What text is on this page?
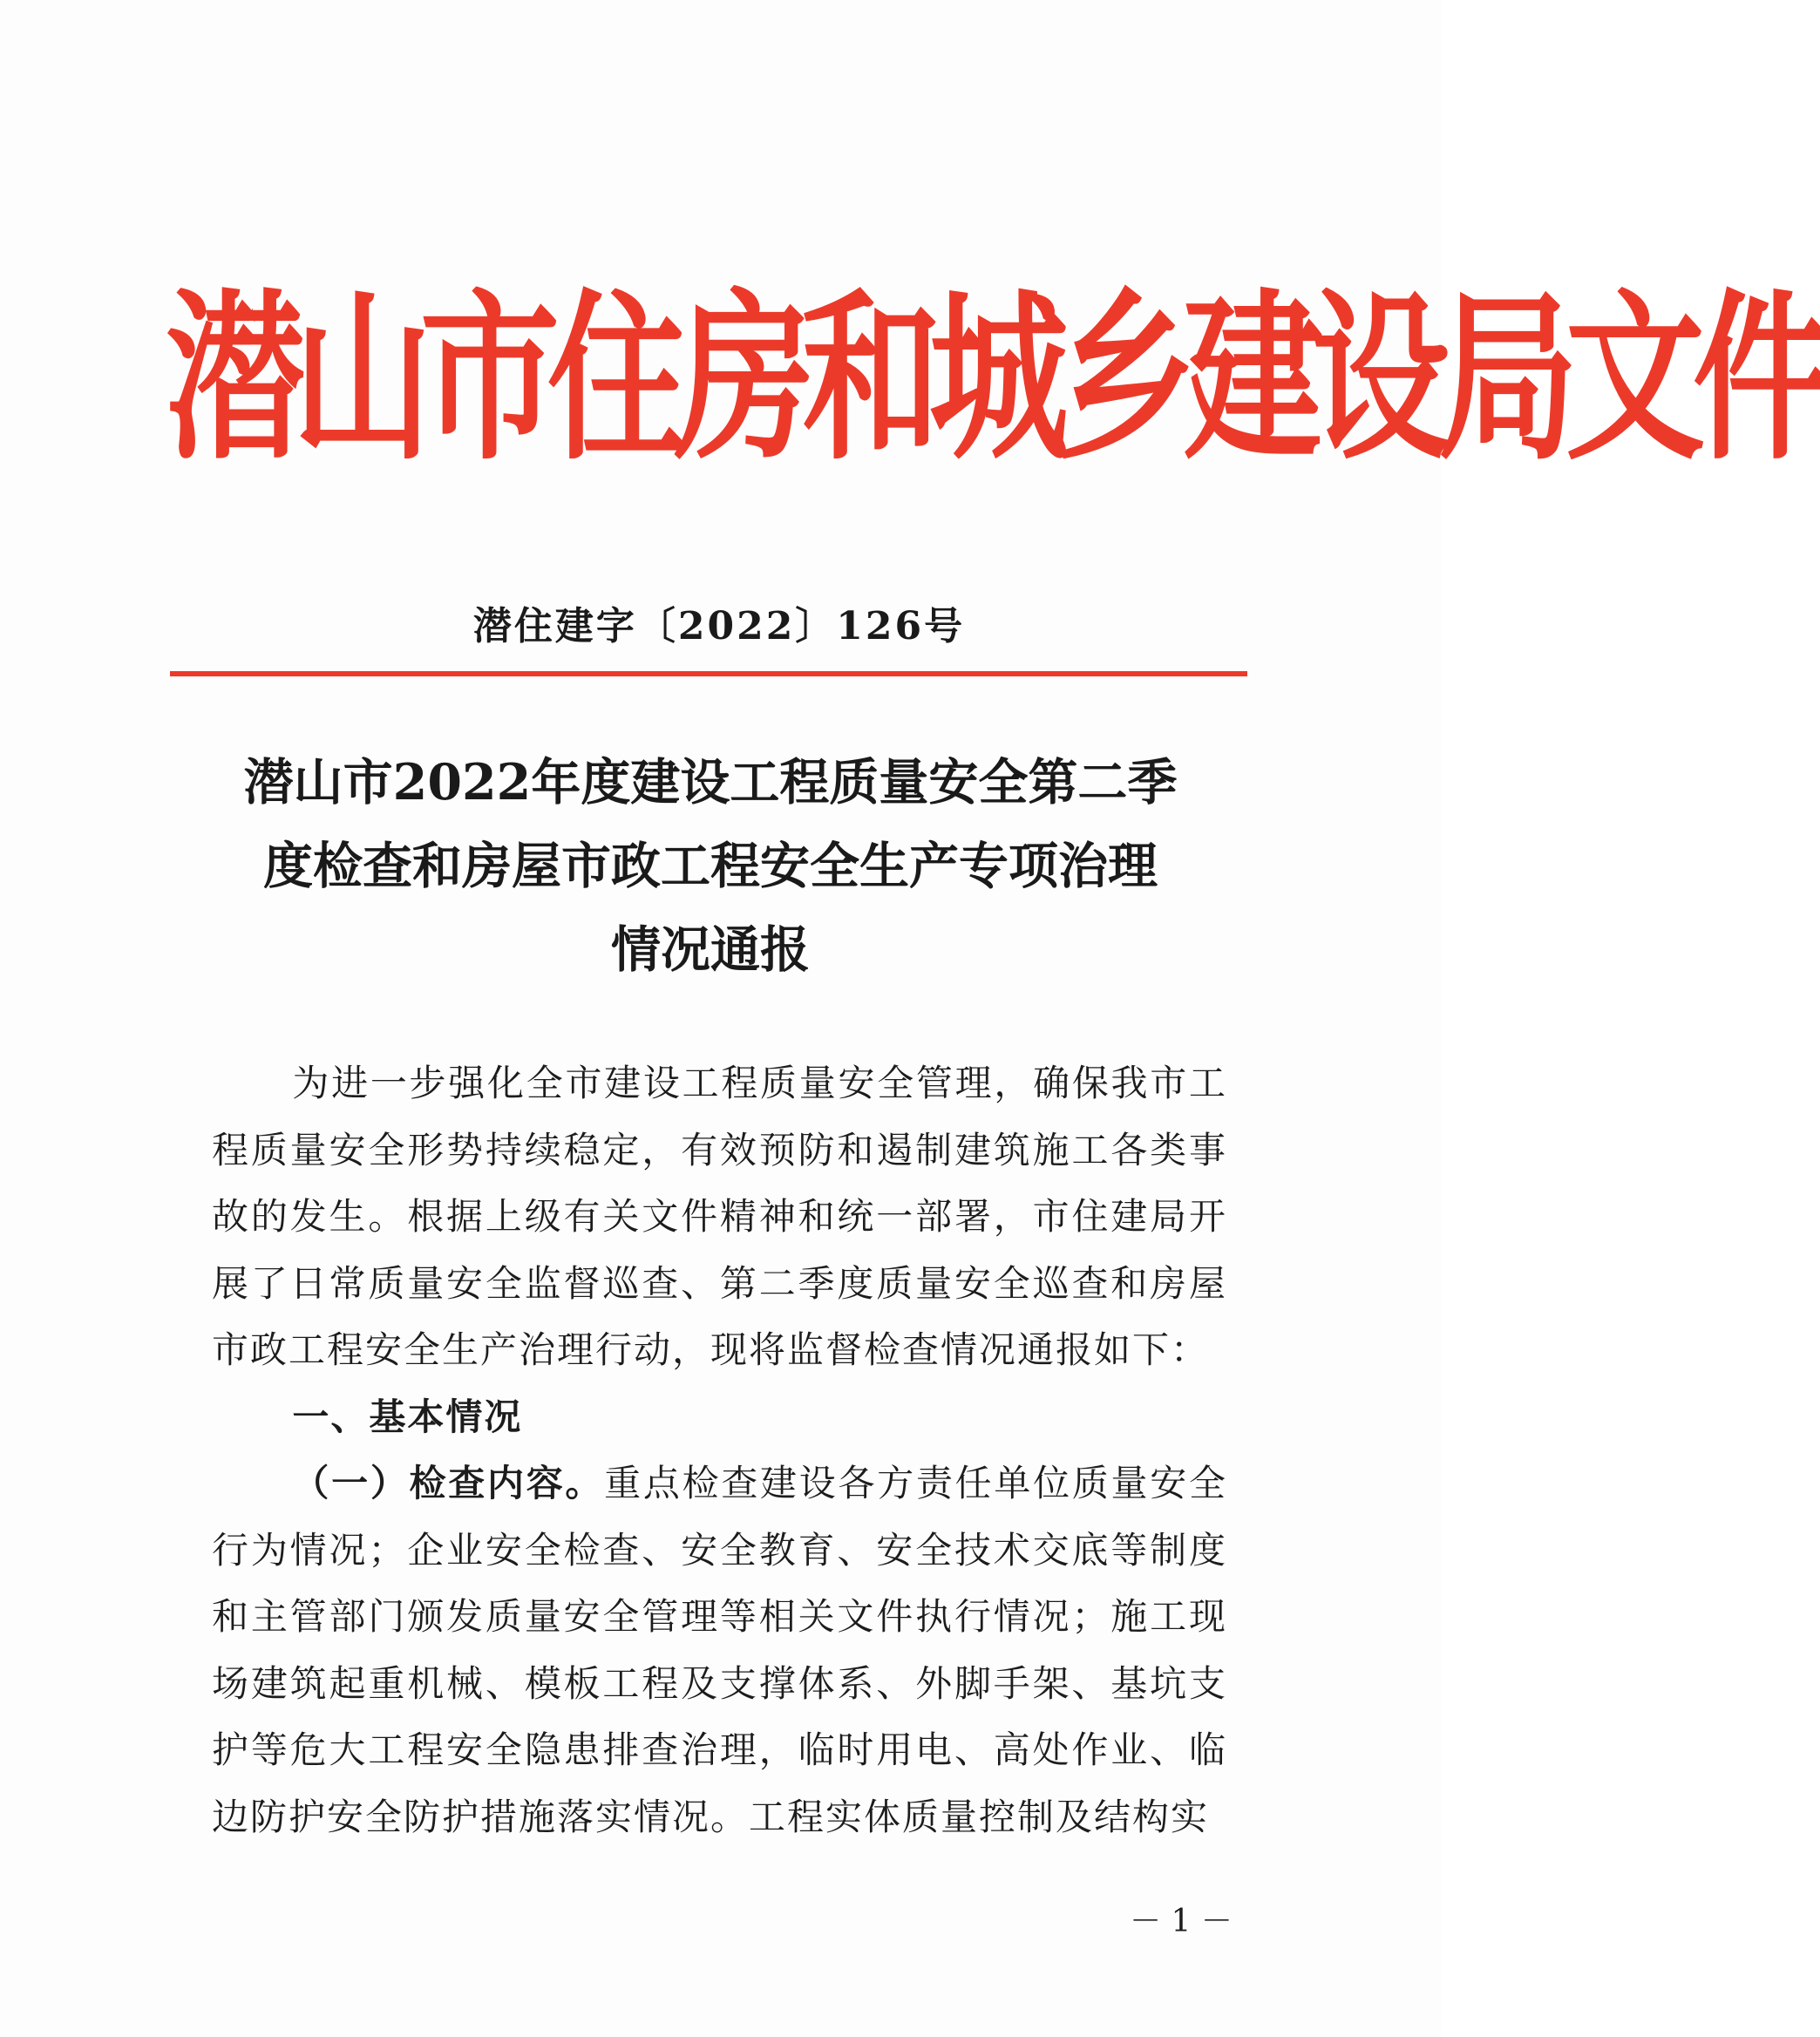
潜山市住房和城乡建设局文件
潜住建字〔2022〕126号
潜山市2022年度建设工程质量安全第二季
度检查和房屋市政工程安全生产专项治理
情况通报

为进一步强化全市建设工程质量安全管理，确保我市工程质量安全形势持续稳定，有效预防和遏制建筑施工各类事故的发生。根据上级有关文件精神和统一部署，市住建局开展了日常质量安全监督巡查、第二季度质量安全巡查和房屋市政工程安全生产治理行动，现将监督检查情况通报如下：

一、基本情况

（一）检查内容。重点检查建设各方责任单位质量安全行为情况；企业安全检查、安全教育、安全技术交底等制度和主管部门颁发质量安全管理等相关文件执行情况；施工现场建筑起重机械、模板工程及支撑体系、外脚手架、基坑支护等危大工程安全隐患排查治理，临时用电、高处作业、临边防护安全防护措施落实情况。工程实体质量控制及结构实

－ 1 －
